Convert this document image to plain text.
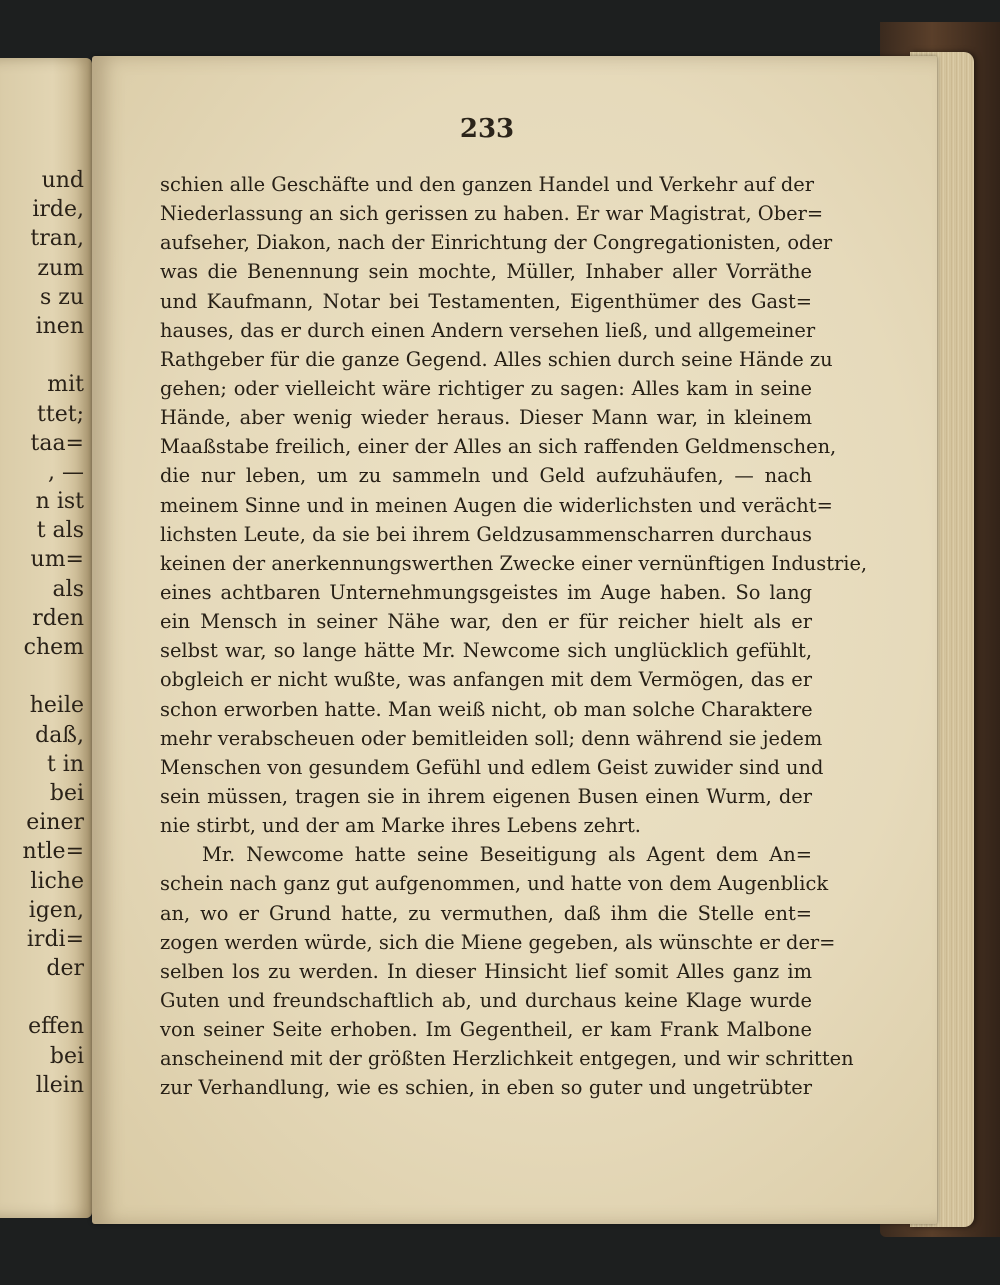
und
irde,
tran,
zum
s zu
inen
mit
ttet;
taa=
, —
n ist
t als
um=
als
rden
chem
heile
daß,
t in
bei
einer
ntle=
liche
igen,
irdi=
der
effen
bei
llein
233
schien alle Geschäfte und den ganzen Handel und Verkehr auf der
Niederlassung an sich gerissen zu haben. Er war Magistrat, Ober=
aufseher, Diakon, nach der Einrichtung der Congregationisten, oder
was die Benennung sein mochte, Müller, Inhaber aller Vorräthe
und Kaufmann, Notar bei Testamenten, Eigenthümer des Gast=
hauses, das er durch einen Andern versehen ließ, und allgemeiner
Rathgeber für die ganze Gegend. Alles schien durch seine Hände zu
gehen; oder vielleicht wäre richtiger zu sagen: Alles kam in seine
Hände, aber wenig wieder heraus. Dieser Mann war, in kleinem
Maaßstabe freilich, einer der Alles an sich raffenden Geldmenschen,
die nur leben, um zu sammeln und Geld aufzuhäufen, — nach
meinem Sinne und in meinen Augen die widerlichsten und verächt=
lichsten Leute, da sie bei ihrem Geldzusammenscharren durchaus
keinen der anerkennungswerthen Zwecke einer vernünftigen Industrie,
eines achtbaren Unternehmungsgeistes im Auge haben. So lang
ein Mensch in seiner Nähe war, den er für reicher hielt als er
selbst war, so lange hätte Mr. Newcome sich unglücklich gefühlt,
obgleich er nicht wußte, was anfangen mit dem Vermögen, das er
schon erworben hatte. Man weiß nicht, ob man solche Charaktere
mehr verabscheuen oder bemitleiden soll; denn während sie jedem
Menschen von gesundem Gefühl und edlem Geist zuwider sind und
sein müssen, tragen sie in ihrem eigenen Busen einen Wurm, der
nie stirbt, und der am Marke ihres Lebens zehrt.
Mr. Newcome hatte seine Beseitigung als Agent dem An=
schein nach ganz gut aufgenommen, und hatte von dem Augenblick
an, wo er Grund hatte, zu vermuthen, daß ihm die Stelle ent=
zogen werden würde, sich die Miene gegeben, als wünschte er der=
selben los zu werden. In dieser Hinsicht lief somit Alles ganz im
Guten und freundschaftlich ab, und durchaus keine Klage wurde
von seiner Seite erhoben. Im Gegentheil, er kam Frank Malbone
anscheinend mit der größten Herzlichkeit entgegen, und wir schritten
zur Verhandlung, wie es schien, in eben so guter und ungetrübter
